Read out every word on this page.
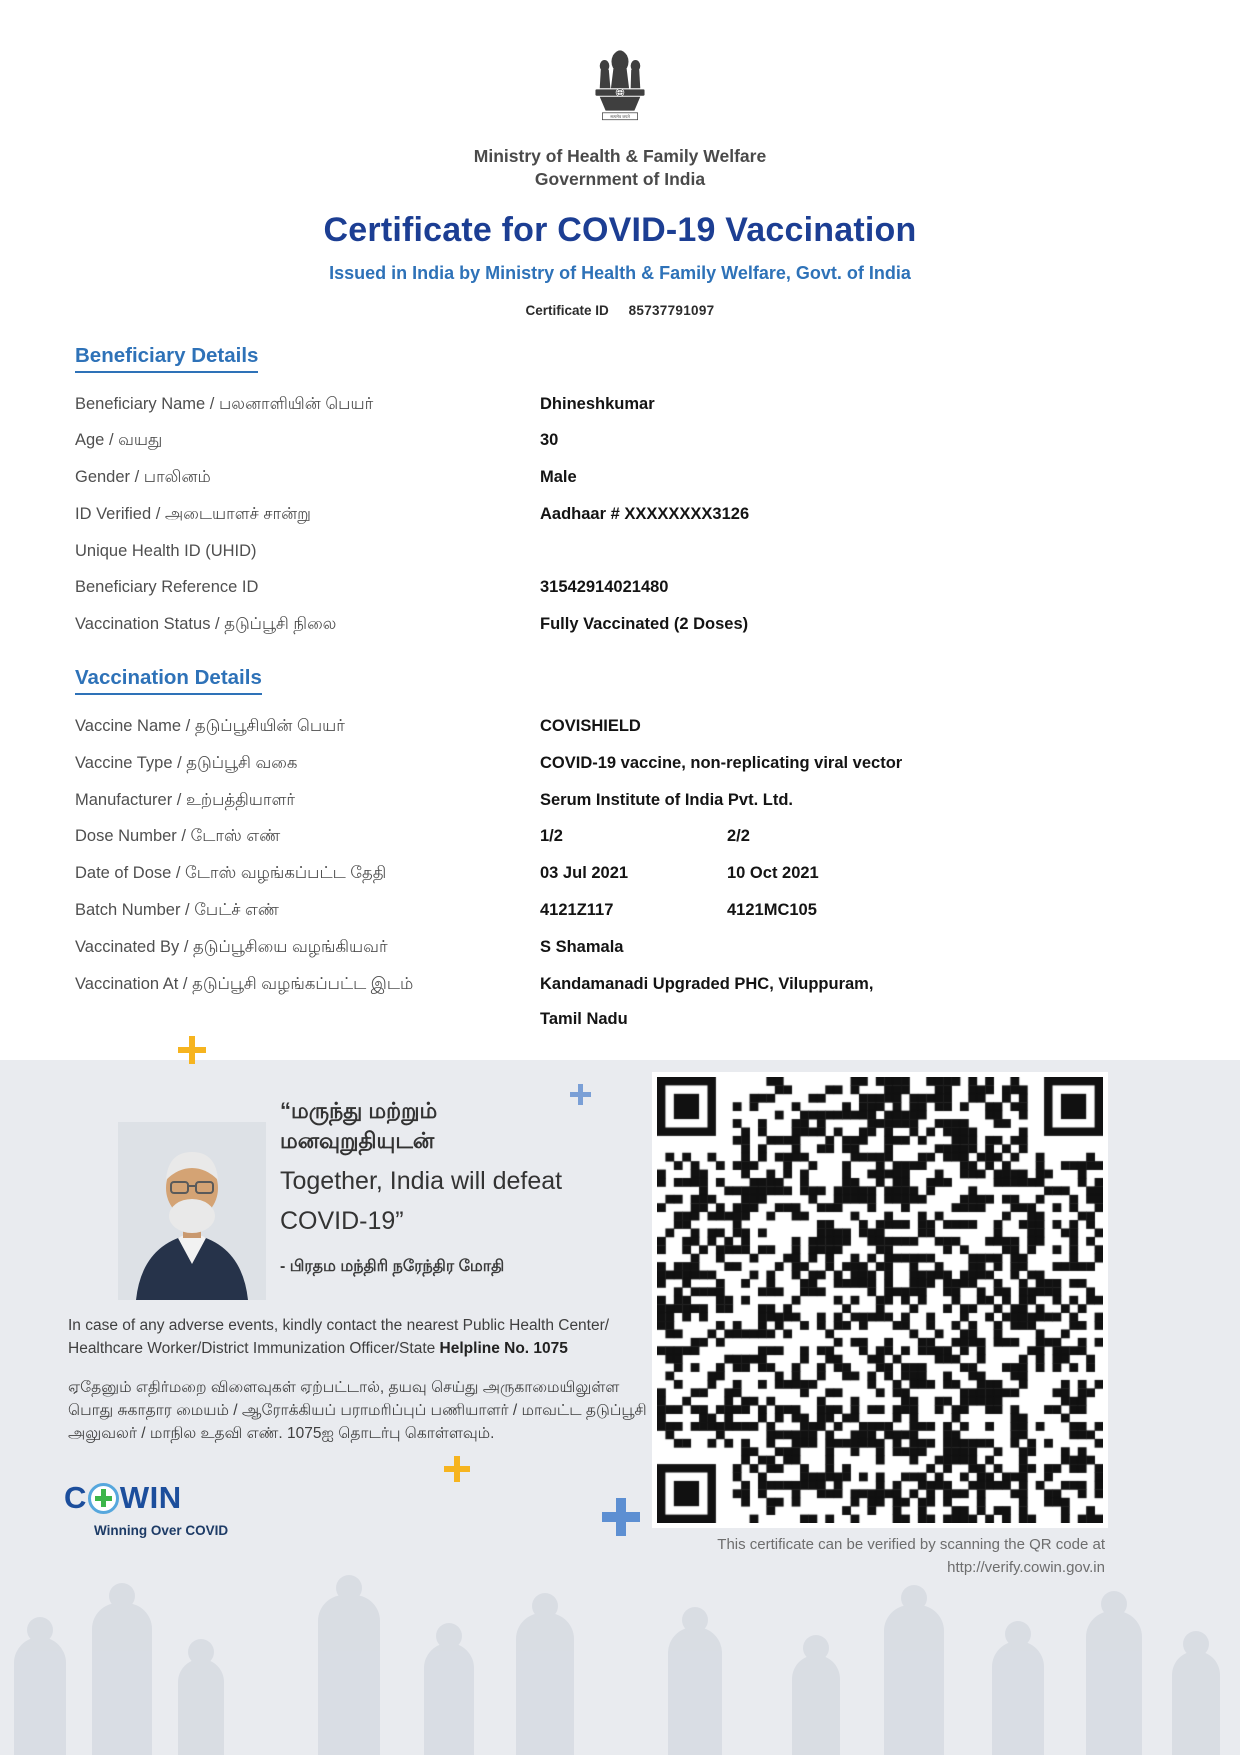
सत्यमेव जयते
Ministry of Health & Family Welfare
Government of India
Certificate for COVID-19 Vaccination
Issued in India by Ministry of Health & Family Welfare, Govt. of India
Certificate ID 85737791097
Beneficiary Details
Beneficiary Name / பலனாளியின் பெயர்	Dhineshkumar
Age / வயது	30
Gender / பாலினம்	Male
ID Verified / அடையாளச் சான்று	Aadhaar # XXXXXXXX3126
Unique Health ID (UHID)
Beneficiary Reference ID	31542914021480
Vaccination Status / தடுப்பூசி நிலை	Fully Vaccinated (2 Doses)
Vaccination Details
Vaccine Name / தடுப்பூசியின் பெயர்	COVISHIELD
Vaccine Type / தடுப்பூசி வகை	COVID-19 vaccine, non-replicating viral vector
Manufacturer / உற்பத்தியாளர்	Serum Institute of India Pvt. Ltd.
Dose Number / டோஸ் எண்	1/2	2/2
Date of Dose / டோஸ் வழங்கப்பட்ட தேதி	03 Jul 2021	10 Oct 2021
Batch Number / பேட்ச் எண்	4121Z117	4121MC105
Vaccinated By / தடுப்பூசியை வழங்கியவர்	S Shamala
Vaccination At / தடுப்பூசி வழங்கப்பட்ட இடம்	Kandamanadi Upgraded PHC, Viluppuram,
Tamil Nadu
“மருந்து மற்றும்
மனவுறுதியுடன்
Together, India will defeat
COVID-19”
- பிரதம மந்திரி நரேந்திர மோதி
In case of any adverse events, kindly contact the nearest Public Health Center/
Healthcare Worker/District Immunization Officer/State Helpline No. 1075
ஏதேனும் எதிர்மறை விளைவுகள் ஏற்பட்டால், தயவு செய்து அருகாமையிலுள்ள பொது சுகாதார மையம் / ஆரோக்கியப் பராமரிப்புப் பணியாளர் / மாவட்ட தடுப்பூசி அலுவலர் / மாநில உதவி எண். 1075ஐ தொடர்பு கொள்ளவும்.
C WIN
Winning Over COVID
This certificate can be verified by scanning the QR code at
http://verify.cowin.gov.in
